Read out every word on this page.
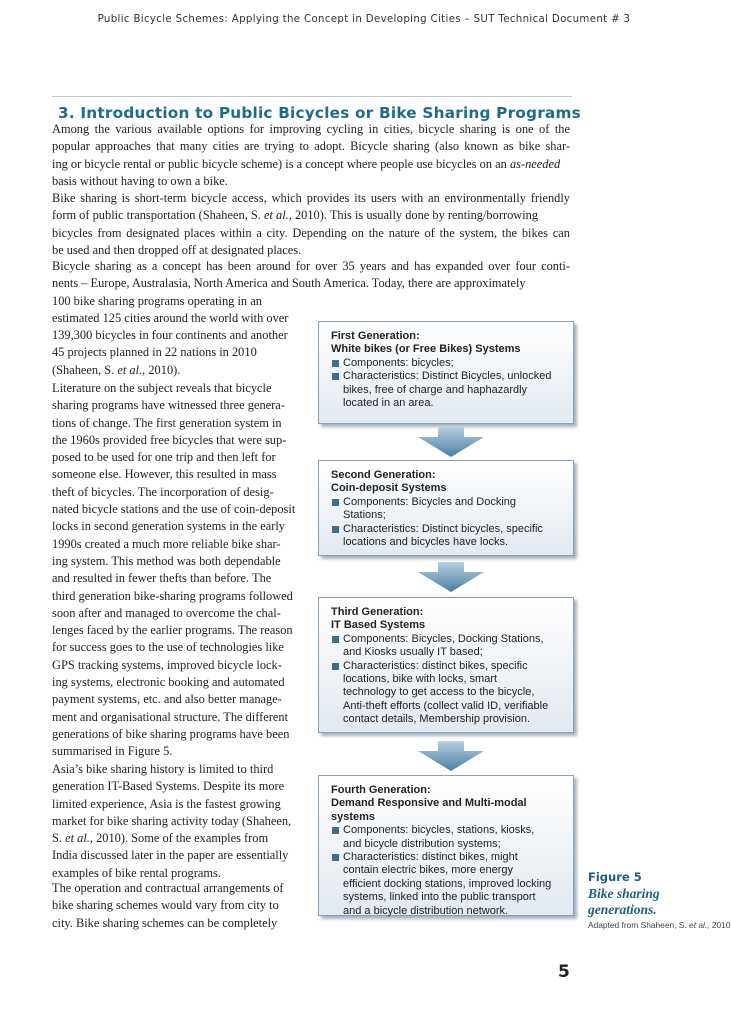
Public Bicycle Schemes: Applying the Concept in Developing Cities – SUT Technical Document # 3
3. Introduction to Public Bicycles or Bike Sharing Programs
Among the various available options for improving cycling in cities, bicycle sharing is one of the
popular approaches that many cities are trying to adopt. Bicycle sharing (also known as bike shar-
ing or bicycle rental or public bicycle scheme) is a concept where people use bicycles on an as-needed
basis without having to own a bike.
Bike sharing is short-term bicycle access, which provides its users with an environmentally friendly
form of public transportation (Shaheen, S. et al., 2010). This is usually done by renting/borrowing
bicycles from designated places within a city. Depending on the nature of the system, the bikes can
be used and then dropped off at designated places.
Bicycle sharing as a concept has been around for over 35 years and has expanded over four conti-
nents – Europe, Australasia, North America and South America. Today, there are approximately
100 bike sharing programs operating in an
estimated 125 cities around the world with over
139,300 bicycles in four continents and another
45 projects planned in 22 nations in 2010
(Shaheen, S. et al., 2010).
Literature on the subject reveals that bicycle
sharing programs have witnessed three genera-
tions of change. The first generation system in
the 1960s provided free bicycles that were sup-
posed to be used for one trip and then left for
someone else. However, this resulted in mass
theft of bicycles. The incorporation of desig-
nated bicycle stations and the use of coin-deposit
locks in second generation systems in the early
1990s created a much more reliable bike shar-
ing system. This method was both dependable
and resulted in fewer thefts than before. The
third generation bike-sharing programs followed
soon after and managed to overcome the chal-
lenges faced by the earlier programs. The reason
for success goes to the use of technologies like
GPS tracking systems, improved bicycle lock-
ing systems, electronic booking and automated
payment systems, etc. and also better manage-
ment and organisational structure. The different
generations of bike sharing programs have been
summarised in Figure 5.
Asia’s bike sharing history is limited to third
generation IT-Based Systems. Despite its more
limited experience, Asia is the fastest growing
market for bike sharing activity today (Shaheen,
S. et al., 2010). Some of the examples from
India discussed later in the paper are essentially
examples of bike rental programs.
The operation and contractual arrangements of
bike sharing schemes would vary from city to
city. Bike sharing schemes can be completely
First Generation:
White bikes (or Free Bikes) Systems
Components: bicycles;
Characteristics: Distinct Bicycles, unlocked
bikes, free of charge and haphazardly
located in an area.
Second Generation:
Coin-deposit Systems
Components: Bicycles and Docking
Stations;
Characteristics: Distinct bicycles, specific
locations and bicycles have locks.
Third Generation:
IT Based Systems
Components: Bicycles, Docking Stations,
and Kiosks usually IT based;
Characteristics: distinct bikes, specific
locations, bike with locks, smart
technology to get access to the bicycle,
Anti-theft efforts (collect valid ID, verifiable
contact details, Membership provision.
Fourth Generation:
Demand Responsive and Multi-modal
systems
Components: bicycles, stations, kiosks,
and bicycle distribution systems;
Characteristics: distinct bikes, might
contain electric bikes, more energy
efficient docking stations, improved locking
systems, linked into the public transport
and a bicycle distribution network.
Figure 5
Bike sharing
generations.
Adapted from Shaheen, S. et al., 2010
5
